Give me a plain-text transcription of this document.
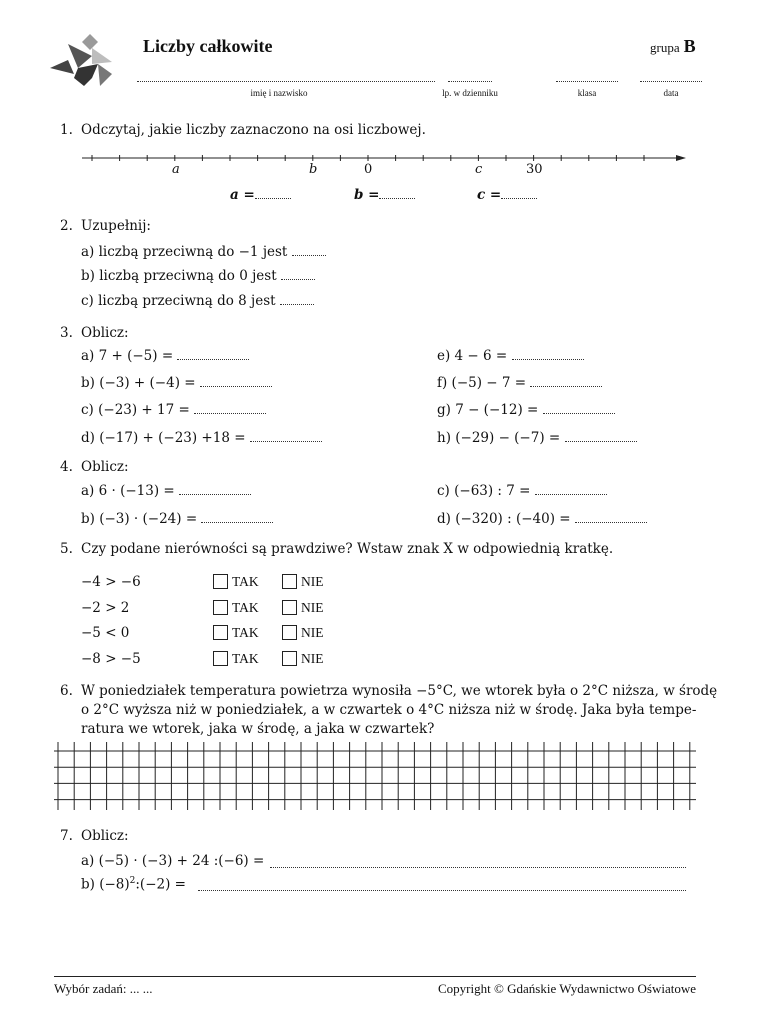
Liczby całkowite	grupa B
imię i nazwisko	lp. w dzienniku	klasa	data
1. Odczytaj, jakie liczby zaznaczono na osi liczbowej.
a	b	0	c	30
a =	b =	c =
2. Uzupełnij:
a) liczbą przeciwną do −1 jest
b) liczbą przeciwną do 0 jest
c) liczbą przeciwną do 8 jest
3. Oblicz:
a) 7 + (−5) =
b) (−3) + (−4) =
c) (−23) + 17 =
d) (−17) + (−23) +18 =
e) 4 − 6 =
f) (−5) − 7 =
g) 7 − (−12) =
h) (−29) − (−7) =
4. Oblicz:
a) 6 · (−13) =
b) (−3) · (−24) =
c) (−63) : 7 =
d) (−320) : (−40) =
5. Czy podane nierówności są prawdziwe? Wstaw znak X w odpowiednią kratkę.
−4 > −6	TAK	NIE
−2 > 2	TAK	NIE
−5 < 0	TAK	NIE
−8 > −5	TAK	NIE
6. W poniedziałek temperatura powietrza wynosiła −5°C, we wtorek była o 2°C niższa, w środę
o 2°C wyższa niż w poniedziałek, a w czwartek o 4°C niższa niż w środę. Jaka była tempe-
ratura we wtorek, jaka w środę, a jaka w czwartek?
7. Oblicz:
a) (−5) · (−3) + 24 :(−6) =
b) $(-8)^2:(-2)$ =
Wybór zadań: ... ...	Copyright © Gdańskie Wydawnictwo Oświatowe
